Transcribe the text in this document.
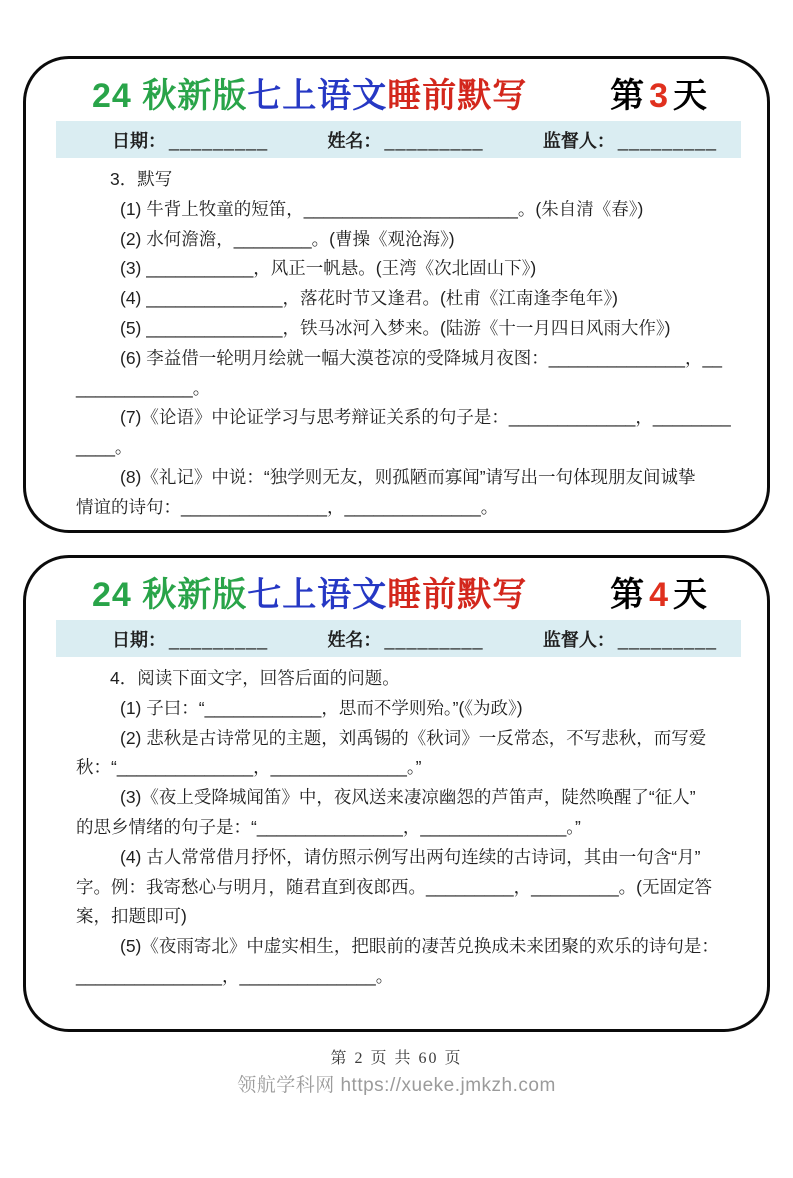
24 秋新版七上语文睡前默写 第 3 天
日期： _________	姓名： _________	监督人： _________
3．默写
(1) 牛背上牧童的短笛，______________________。(朱自清《春》)
(2) 水何澹澹，________。(曹操《观沧海》)
(3) ___________，风正一帆悬。(王湾《次北固山下》)
(4) ______________，落花时节又逢君。(杜甫《江南逢李龟年》)
(5) ______________，铁马冰河入梦来。(陆游《十一月四日风雨大作》)
(6) 李益借一轮明月绘就一幅大漠苍凉的受降城月夜图：______________，__
____________。
(7)《论语》中论证学习与思考辩证关系的句子是：_____________，________
____。
(8)《礼记》中说：“独学则无友，则孤陋而寡闻”请写出一句体现朋友间诚挚
情谊的诗句：_______________，______________。
24 秋新版七上语文睡前默写 第 4 天
日期： _________	姓名： _________	监督人： _________
4．阅读下面文字，回答后面的问题。
(1) 子曰：“____________，思而不学则殆。”(《为政》)
(2) 悲秋是古诗常见的主题，刘禹锡的《秋词》一反常态，不写悲秋，而写爱
秋：“______________，______________。”
(3)《夜上受降城闻笛》中，夜风送来凄凉幽怨的芦笛声，陡然唤醒了“征人”
的思乡情绪的句子是：“_______________，_______________。”
(4) 古人常常借月抒怀，请仿照示例写出两句连续的古诗词，其由一句含“月”
字。例：我寄愁心与明月，随君直到夜郎西。_________，_________。(无固定答
案，扣题即可)
(5)《夜雨寄北》中虚实相生，把眼前的凄苦兑换成未来团聚的欢乐的诗句是：
_______________，______________。
第 2 页 共 60 页
领航学科网 https://xueke.jmkzh.com
